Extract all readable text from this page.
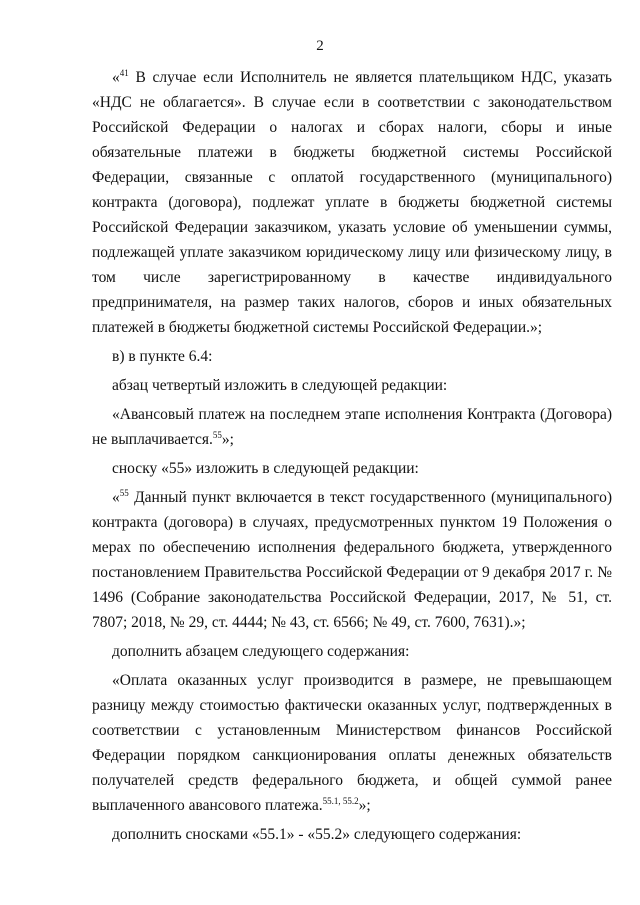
2

«$^{41}$ В случае если Исполнитель не является плательщиком НДС, указать «НДС не облагается». В случае если в соответствии с законодательством Российской Федерации о налогах и сборах налоги, сборы и иные обязательные платежи в бюджеты бюджетной системы Российской Федерации, связанные с оплатой государственного (муниципального) контракта (договора), подлежат уплате в бюджеты бюджетной системы Российской Федерации заказчиком, указать условие об уменьшении суммы, подлежащей уплате заказчиком юридическому лицу или физическому лицу, в том числе зарегистрированному в качестве индивидуального предпринимателя, на размер таких налогов, сборов и иных обязательных платежей в бюджеты бюджетной системы Российской Федерации.»;

в) в пункте 6.4:

абзац четвертый изложить в следующей редакции:

«Авансовый платеж на последнем этапе исполнения Контракта (Договора) не выплачивается.$^{55}$»;

сноску «55» изложить в следующей редакции:

«$^{55}$ Данный пункт включается в текст государственного (муниципального) контракта (договора) в случаях, предусмотренных пунктом 19 Положения о мерах по обеспечению исполнения федерального бюджета, утвержденного постановлением Правительства Российской Федерации от 9 декабря 2017 г. № 1496 (Собрание законодательства Российской Федерации, 2017, № 51, ст. 7807; 2018, № 29, ст. 4444; № 43, ст. 6566; № 49, ст. 7600, 7631).»;

дополнить абзацем следующего содержания:

«Оплата оказанных услуг производится в размере, не превышающем разницу между стоимостью фактически оказанных услуг, подтвержденных в соответствии с установленным Министерством финансов Российской Федерации порядком санкционирования оплаты денежных обязательств получателей средств федерального бюджета, и общей суммой ранее выплаченного авансового платежа.$^{55.1, 55.2}$»;

дополнить сносками «55.1» - «55.2» следующего содержания:
